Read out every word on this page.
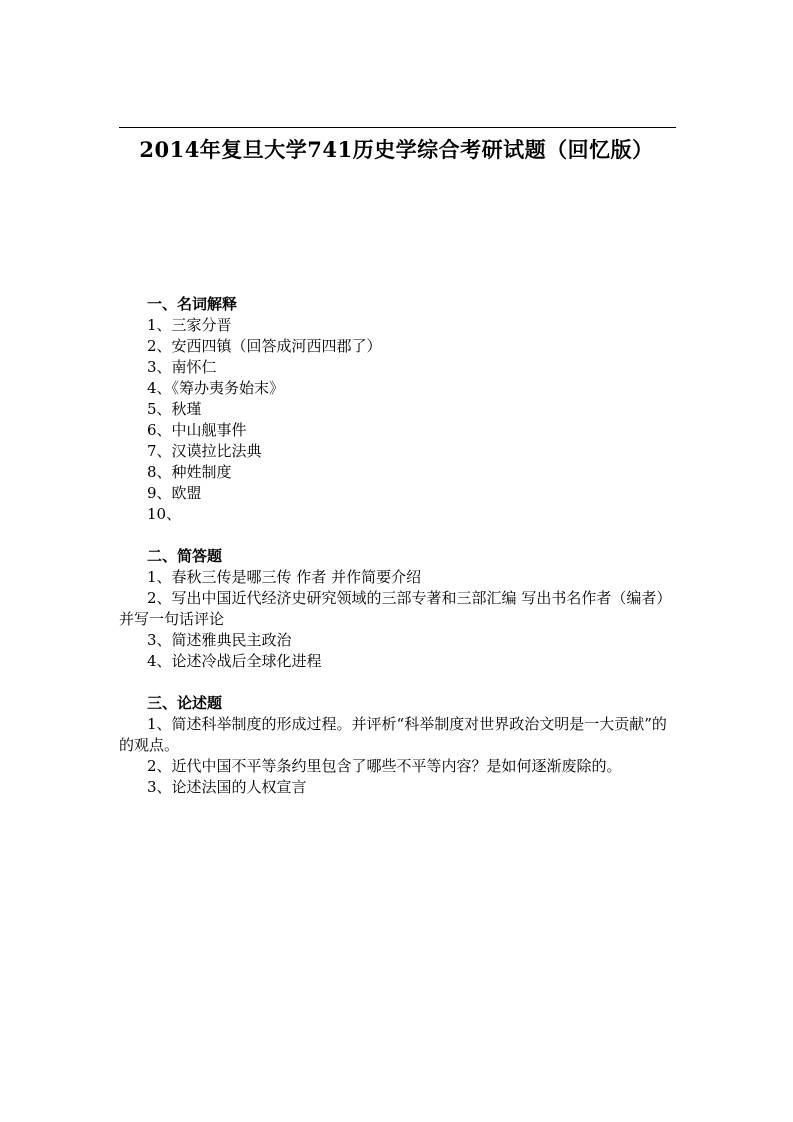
2014年复旦大学741历史学综合考研试题（回忆版）

一、名词解释

1、三家分晋
2、安西四镇（回答成河西四郡了）
3、南怀仁
4、《筹办夷务始末》
5、秋瑾
6、中山舰事件
7、汉谟拉比法典
8、种姓制度
9、欧盟
10、

二、简答题

1、春秋三传是哪三传 作者 并作简要介绍
2、写出中国近代经济史研究领域的三部专著和三部汇编 写出书名作者（编者）并写一句话评论
3、简述雅典民主政治
4、论述冷战后全球化进程

三、论述题

1、简述科举制度的形成过程。并评析“科举制度对世界政治文明是一大贡献”的的观点。
2、近代中国不平等条约里包含了哪些不平等内容？是如何逐渐废除的。
3、论述法国的人权宣言
